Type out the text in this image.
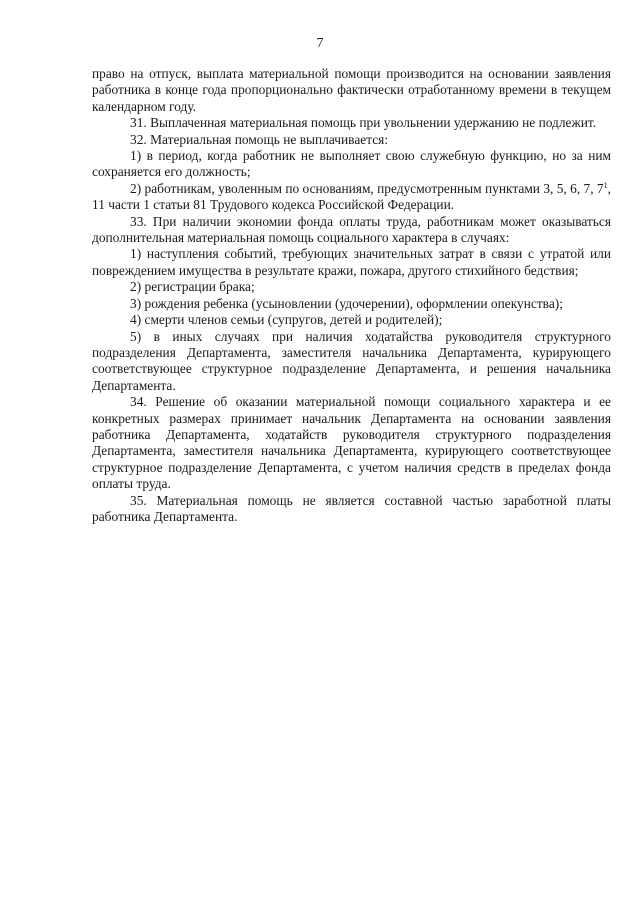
7

право на отпуск, выплата материальной помощи производится на основании заявления работника в конце года пропорционально фактически отработанному времени в текущем календарном году.

31. Выплаченная материальная помощь при увольнении удержанию не подлежит.

32. Материальная помощь не выплачивается:

1) в период, когда работник не выполняет свою служебную функцию, но за ним сохраняется его должность;

2) работникам, уволенным по основаниям, предусмотренным пунктами 3, 5, 6, 7, $7^1$, 11 части 1 статьи 81 Трудового кодекса Российской Федерации.

33. При наличии экономии фонда оплаты труда, работникам может оказываться дополнительная материальная помощь социального характера в случаях:

1) наступления событий, требующих значительных затрат в связи с утратой или повреждением имущества в результате кражи, пожара, другого стихийного бедствия;

2) регистрации брака;

3) рождения ребенка (усыновлении (удочерении), оформлении опекунства);

4) смерти членов семьи (супругов, детей и родителей);

5) в иных случаях при наличия ходатайства руководителя структурного подразделения Департамента, заместителя начальника Департамента, курирующего соответствующее структурное подразделение Департамента, и решения начальника Департамента.

34. Решение об оказании материальной помощи социального характера и ее конкретных размерах принимает начальник Департамента на основании заявления работника Департамента, ходатайств руководителя структурного подразделения Департамента, заместителя начальника Департамента, курирующего соответствующее структурное подразделение Департамента, с учетом наличия средств в пределах фонда оплаты труда.

35. Материальная помощь не является составной частью заработной платы работника Департамента.
